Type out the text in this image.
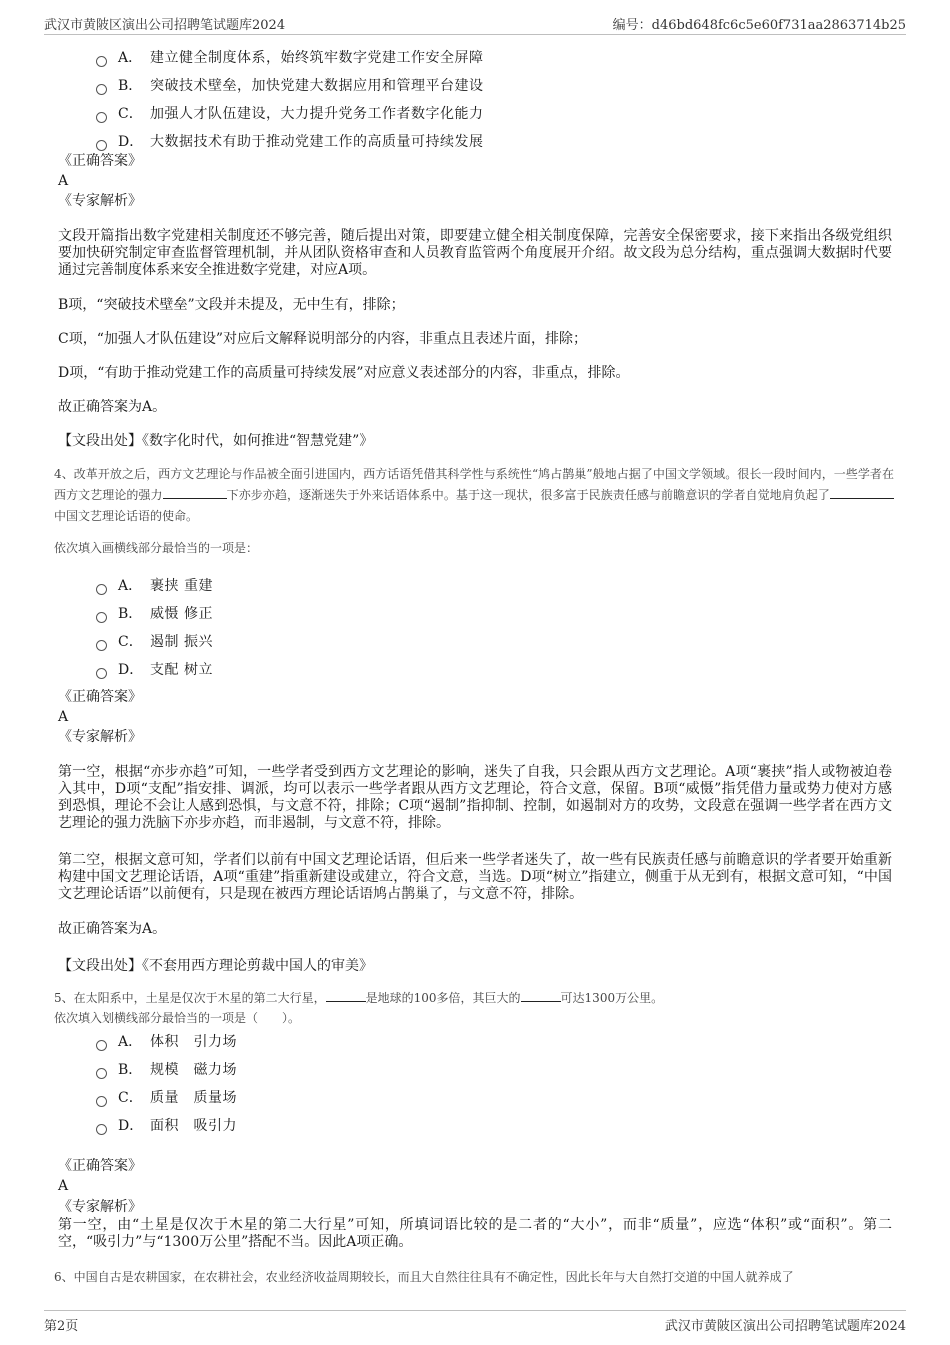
武汉市黄陂区演出公司招聘笔试题库2024	编号：d46bd648fc6c5e60f731aa2863714b25
A． 建立健全制度体系，始终筑牢数字党建工作安全屏障
B． 突破技术壁垒，加快党建大数据应用和管理平台建设
C． 加强人才队伍建设，大力提升党务工作者数字化能力
D． 大数据技术有助于推动党建工作的高质量可持续发展
《正确答案》
A
《专家解析》
文段开篇指出数字党建相关制度还不够完善，随后提出对策，即要建立健全相关制度保障，完善安全保密要求，接下来指出各级党组织要加快研究制定审查监督管理机制，并从团队资格审查和人员教育监管两个角度展开介绍。故文段为总分结构，重点强调大数据时代要通过完善制度体系来安全推进数字党建，对应A项。
B项，“突破技术壁垒”文段并未提及，无中生有，排除；
C项，“加强人才队伍建设”对应后文解释说明部分的内容，非重点且表述片面，排除；
D项，“有助于推动党建工作的高质量可持续发展”对应意义表述部分的内容，非重点，排除。
故正确答案为A。
【文段出处】《数字化时代，如何推进“智慧党建”》
4、改革开放之后，西方文艺理论与作品被全面引进国内，西方话语凭借其科学性与系统性“鸠占鹊巢”般地占据了中国文学领域。很长一段时间内，一些学者在西方文艺理论的强力	下亦步亦趋，逐渐迷失于外来话语体系中。基于这一现状，很多富于民族责任感与前瞻意识的学者自觉地肩负起了中国文艺理论话语的使命。
依次填入画横线部分最恰当的一项是：
A． 裹挟 重建
B． 威慑 修正
C． 遏制 振兴
D． 支配 树立
《正确答案》
A
《专家解析》
第一空，根据“亦步亦趋”可知，一些学者受到西方文艺理论的影响，迷失了自我，只会跟从西方文艺理论。A项“裹挟”指人或物被迫卷入其中，D项“支配”指安排、调派，均可以表示一些学者跟从西方文艺理论，符合文意，保留。B项“威慑”指凭借力量或势力使对方感到恐惧，理论不会让人感到恐惧，与文意不符，排除；C项“遏制”指抑制、控制，如遏制对方的攻势，文段意在强调一些学者在西方文艺理论的强力洗脑下亦步亦趋，而非遏制，与文意不符，排除。
第二空，根据文意可知，学者们以前有中国文艺理论话语，但后来一些学者迷失了，故一些有民族责任感与前瞻意识的学者要开始重新构建中国文艺理论话语，A项“重建”指重新建设或建立，符合文意，当选。D项“树立”指建立，侧重于从无到有，根据文意可知，“中国文艺理论话语”以前便有，只是现在被西方理论话语鸠占鹊巢了，与文意不符，排除。
故正确答案为A。
【文段出处】《不套用西方理论剪裁中国人的审美》
5、在太阳系中，土星是仅次于木星的第二大行星，	是地球的100多倍，其巨大的	可达1300万公里。
依次填入划横线部分最恰当的一项是（　　）。
A． 体积　引力场
B． 规模　磁力场
C． 质量　质量场
D． 面积　吸引力
《正确答案》
A
《专家解析》
第一空，由“土星是仅次于木星的第二大行星”可知，所填词语比较的是二者的“大小”，而非“质量”，应选“体积”或“面积”。第二空，“吸引力”与“1300万公里”搭配不当。因此A项正确。
6、中国自古是农耕国家，在农耕社会，农业经济收益周期较长，而且大自然往往具有不确定性，因此长年与大自然打交道的中国人就养成了
第2页	武汉市黄陂区演出公司招聘笔试题库2024
